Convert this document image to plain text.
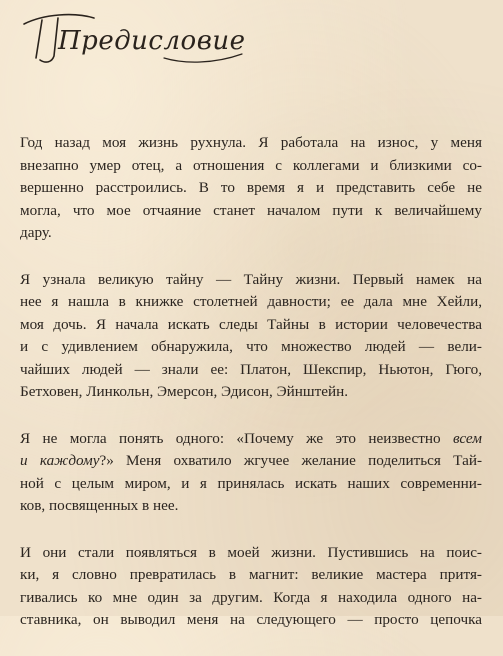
Предисловие
Год назад моя жизнь рухнула. Я работала на износ, у меня
внезапно умер отец, а отношения с коллегами и близкими со-
вершенно расстроились. В то время я и представить себе не
могла, что мое отчаяние станет началом пути к величайшему
дару.
Я узнала великую тайну — Тайну жизни. Первый намек на
нее я нашла в книжке столетней давности; ее дала мне Хейли,
моя дочь. Я начала искать следы Тайны в истории человечества
и с удивлением обнаружила, что множество людей — вели-
чайших людей — знали ее: Платон, Шекспир, Ньютон, Гюго,
Бетховен, Линкольн, Эмерсон, Эдисон, Эйнштейн.
Я не могла понять одного: «Почему же это неизвестно всем
и каждому?» Меня охватило жгучее желание поделиться Тай-
ной с целым миром, и я принялась искать наших современни-
ков, посвященных в нее.
И они стали появляться в моей жизни. Пустившись на поис-
ки, я словно превратилась в магнит: великие мастера притя-
гивались ко мне один за другим. Когда я находила одного на-
ставника, он выводил меня на следующего — просто цепочка
